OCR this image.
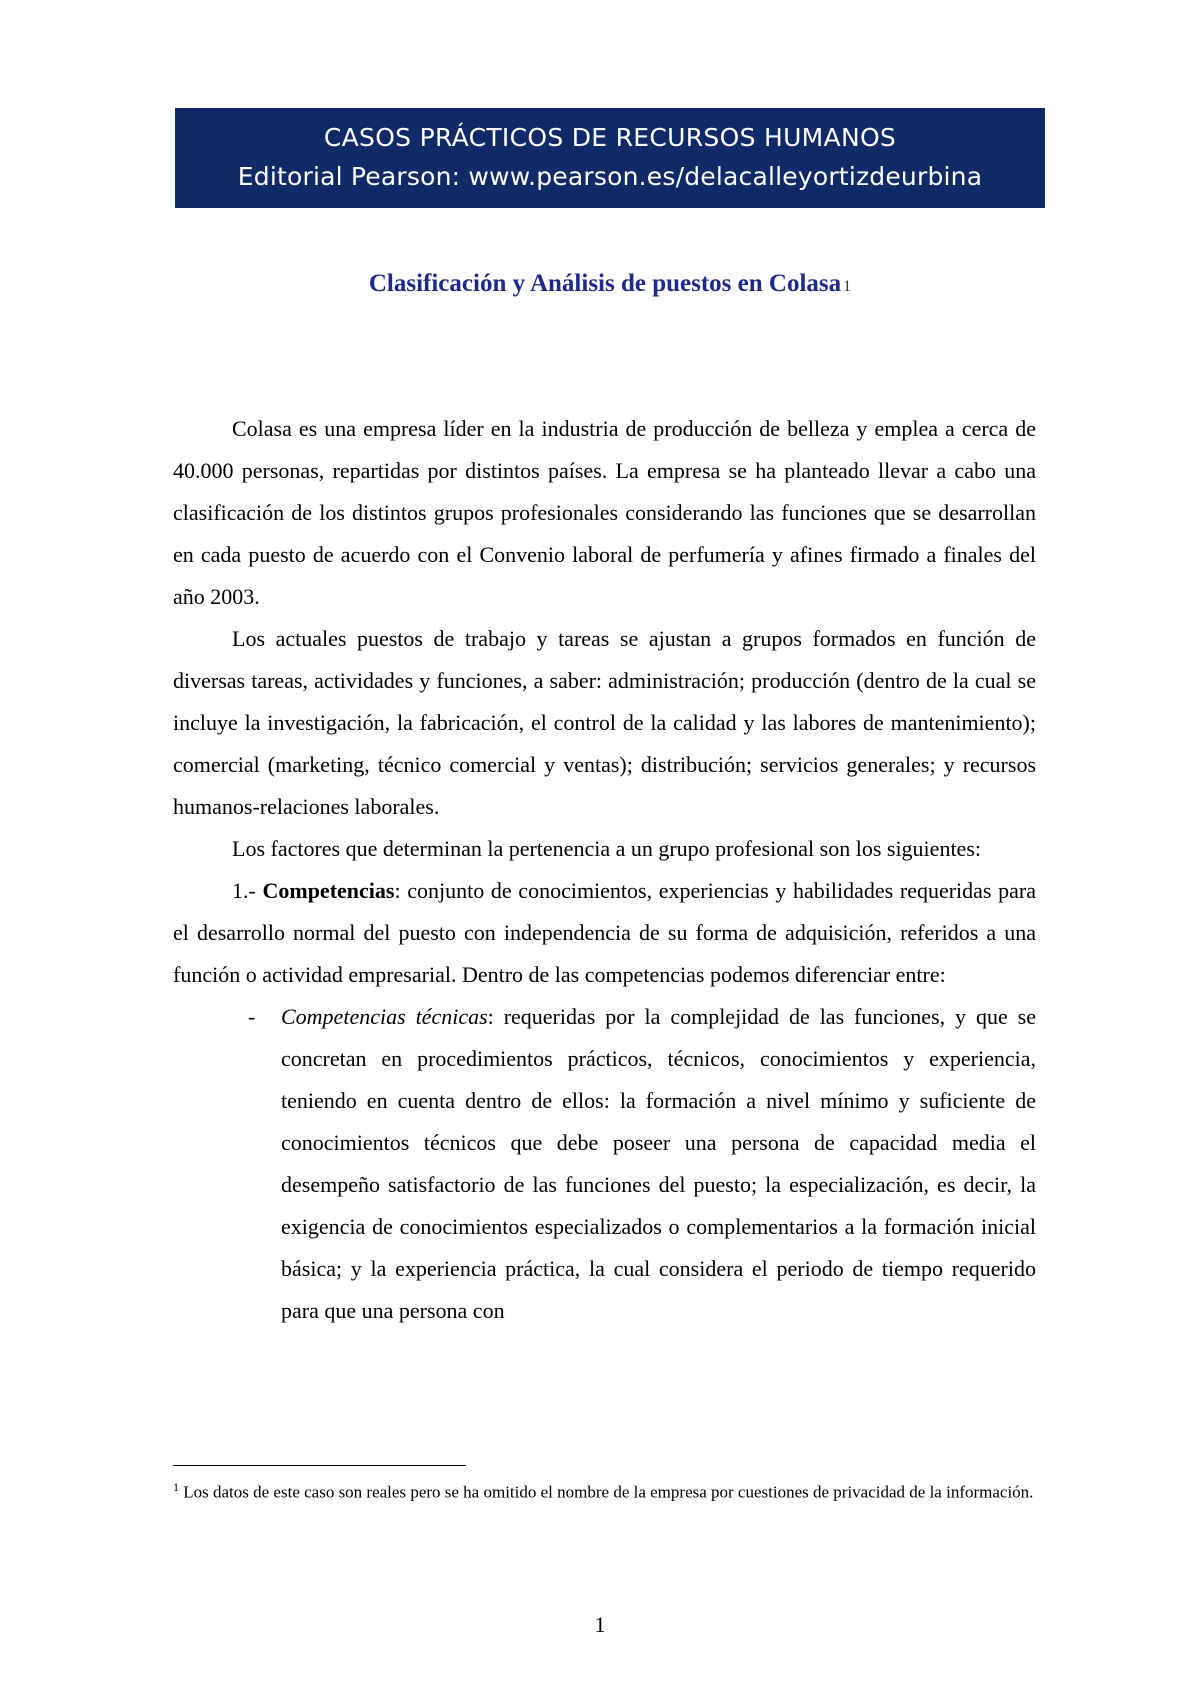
CASOS PRÁCTICOS DE RECURSOS HUMANOS
Editorial Pearson: www.pearson.es/delacalleyortizdeurbina
Clasificación y Análisis de puestos en Colasa 1

Colasa es una empresa líder en la industria de producción de belleza y emplea a cerca de 40.000 personas, repartidas por distintos países. La empresa se ha planteado llevar a cabo una clasificación de los distintos grupos profesionales considerando las funciones que se desarrollan en cada puesto de acuerdo con el Convenio laboral de perfumería y afines firmado a finales del año 2003.

Los actuales puestos de trabajo y tareas se ajustan a grupos formados en función de diversas tareas, actividades y funciones, a saber: administración; producción (dentro de la cual se incluye la investigación, la fabricación, el control de la calidad y las labores de mantenimiento); comercial (marketing, técnico comercial y ventas); distribución; servicios generales; y recursos humanos-relaciones laborales.

Los factores que determinan la pertenencia a un grupo profesional son los siguientes:

1.- Competencias: conjunto de conocimientos, experiencias y habilidades requeridas para el desarrollo normal del puesto con independencia de su forma de adquisición, referidos a una función o actividad empresarial. Dentro de las competencias podemos diferenciar entre:

-	Competencias técnicas: requeridas por la complejidad de las funciones, y que se concretan en procedimientos prácticos, técnicos, conocimientos y experiencia, teniendo en cuenta dentro de ellos: la formación a nivel mínimo y suficiente de conocimientos técnicos que debe poseer una persona de capacidad media el desempeño satisfactorio de las funciones del puesto; la especialización, es decir, la exigencia de conocimientos especializados o complementarios a la formación inicial básica; y la experiencia práctica, la cual considera el periodo de tiempo requerido para que una persona con
$^1$ Los datos de este caso son reales pero se ha omitido el nombre de la empresa por cuestiones de privacidad de la información.
1
